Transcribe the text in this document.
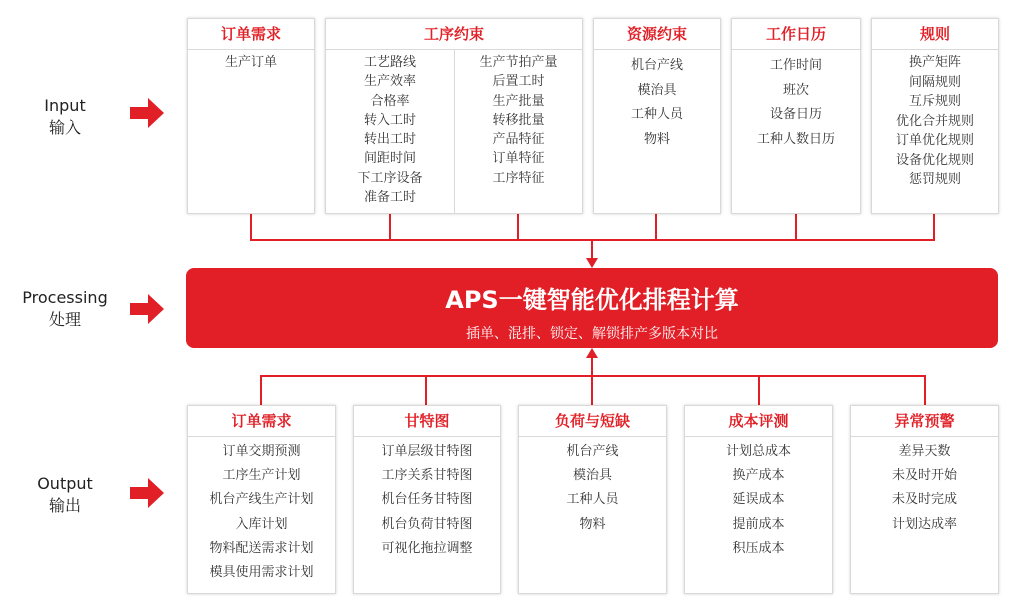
Input
输入
Processing
处理
Output
输出
订单需求
生产订单
工序约束
工艺路线
生产效率
合格率
转入工时
转出工时
间距时间
下工序设备
准备工时
生产节拍产量
后置工时
生产批量
转移批量
产品特征
订单特征
工序特征
资源约束
机台产线
模治具
工种人员
物料
工作日历
工作时间
班次
设备日历
工种人数日历
规则
换产矩阵
间隔规则
互斥规则
优化合并规则
订单优化规则
设备优化规则
惩罚规则
APS一键智能优化排程计算
插单、混排、锁定、解锁排产多版本对比
订单需求
订单交期预测
工序生产计划
机台产线生产计划
入库计划
物料配送需求计划
模具使用需求计划
甘特图
订单层级甘特图
工序关系甘特图
机台任务甘特图
机台负荷甘特图
可视化拖拉调整
负荷与短缺
机台产线
模治具
工种人员
物料
成本评测
计划总成本
换产成本
延误成本
提前成本
积压成本
异常预警
差异天数
未及时开始
未及时完成
计划达成率
